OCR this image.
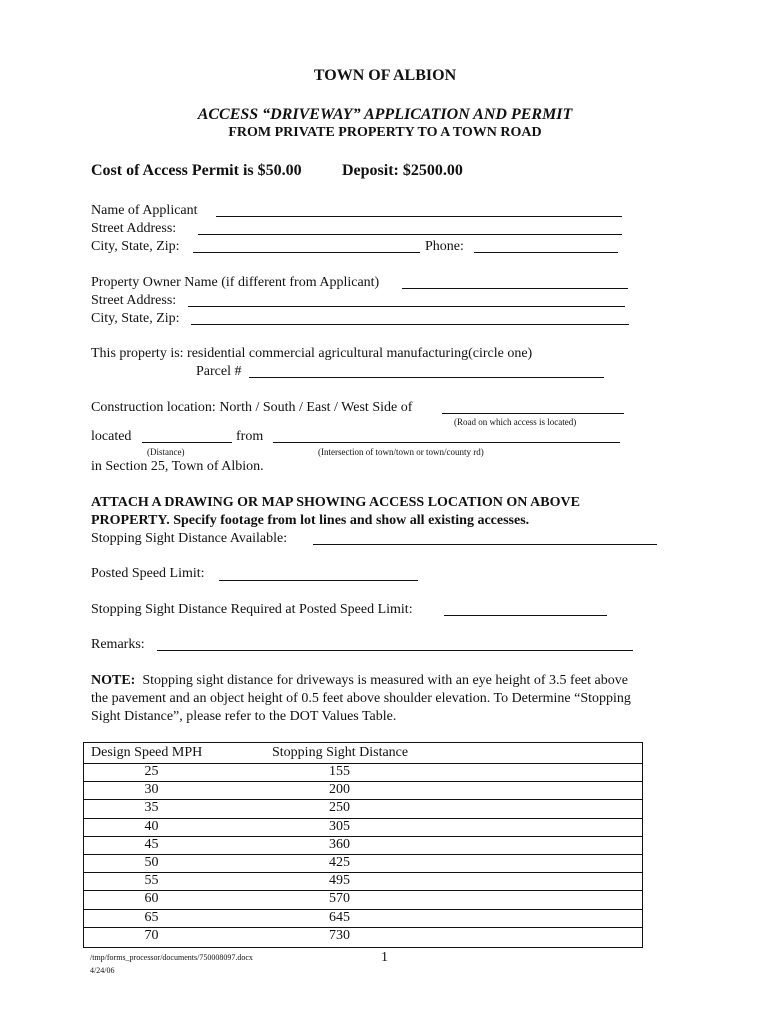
TOWN OF ALBION
ACCESS “DRIVEWAY” APPLICATION AND PERMIT
FROM PRIVATE PROPERTY TO A TOWN ROAD
Cost of Access Permit is $50.00	Deposit: $2500.00
Name of Applicant
Street Address:
City, State, Zip:	Phone:
Property Owner Name (if different from Applicant)
Street Address:
City, State, Zip:
This property is: residential commercial agricultural manufacturing(circle one)
Parcel #
Construction location: North / South / East / West Side of
(Road on which access is located)
located	from
(Distance)	(Intersection of town/town or town/county rd)
in Section 25, Town of Albion.
ATTACH A DRAWING OR MAP SHOWING ACCESS LOCATION ON ABOVE
PROPERTY. Specify footage from lot lines and show all existing accesses.
Stopping Sight Distance Available:
Posted Speed Limit:
Stopping Sight Distance Required at Posted Speed Limit:
Remarks:
NOTE: Stopping sight distance for driveways is measured with an eye height of 3.5 feet above
the pavement and an object height of 0.5 feet above shoulder elevation. To Determine “Stopping
Sight Distance”, please refer to the DOT Values Table.
Design Speed MPH	Stopping Sight Distance
25	155
30	200
35	250
40	305
45	360
50	425
55	495
60	570
65	645
70	730
/tmp/forms_processor/documents/750008097.docx
4/24/06
1
